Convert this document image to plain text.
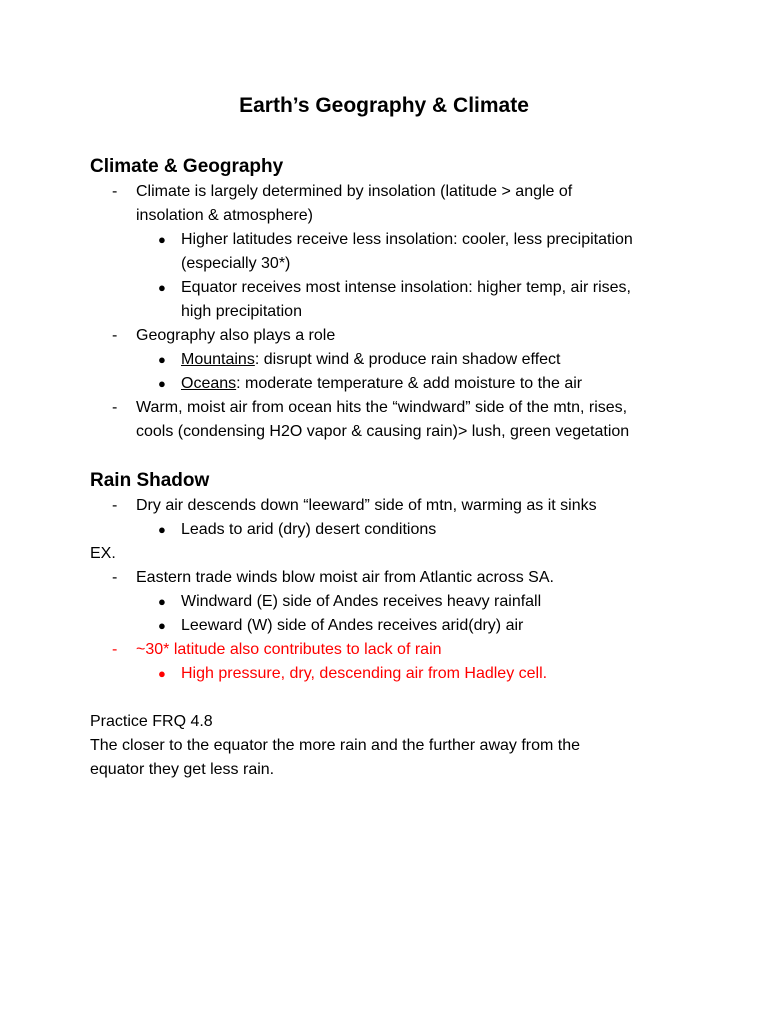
Earth’s Geography & Climate
Climate & Geography
- Climate is largely determined by insolation (latitude > angle of
insolation & atmosphere)
● Higher latitudes receive less insolation: cooler, less precipitation
(especially 30*)
● Equator receives most intense insolation: higher temp, air rises,
high precipitation
- Geography also plays a role
● Mountains: disrupt wind & produce rain shadow effect
● Oceans: moderate temperature & add moisture to the air
- Warm, moist air from ocean hits the “windward” side of the mtn, rises,
cools (condensing H2O vapor & causing rain)> lush, green vegetation
Rain Shadow
- Dry air descends down “leeward” side of mtn, warming as it sinks
● Leads to arid (dry) desert conditions
EX.
- Eastern trade winds blow moist air from Atlantic across SA.
● Windward (E) side of Andes receives heavy rainfall
● Leeward (W) side of Andes receives arid(dry) air
- ~30* latitude also contributes to lack of rain
● High pressure, dry, descending air from Hadley cell.
Practice FRQ 4.8
The closer to the equator the more rain and the further away from the
equator they get less rain.
